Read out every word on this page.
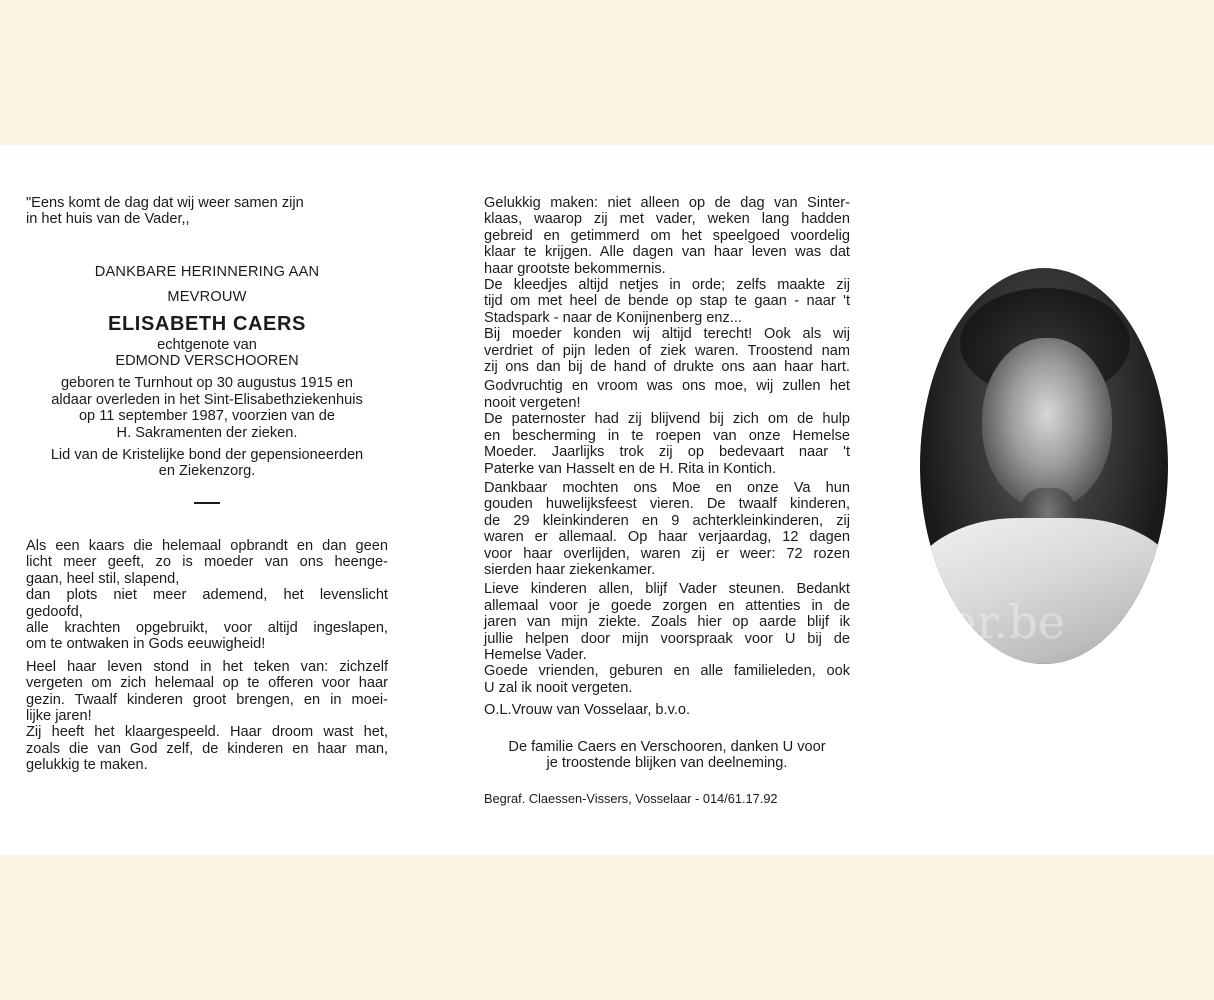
"Eens komt de dag dat wij weer samen zijn
in het huis van de Vader,,
DANKBARE HERINNERING AAN
MEVROUW
ELISABETH CAERS
echtgenote van
EDMOND VERSCHOOREN
geboren te Turnhout op 30 augustus 1915 en
aldaar overleden in het Sint-Elisabethziekenhuis
op 11 september 1987, voorzien van de
H. Sakramenten der zieken.
Lid van de Kristelijke bond der gepensioneerden
en Ziekenzorg.
Als een kaars die helemaal opbrandt en dan geen
licht meer geeft, zo is moeder van ons heenge-
gaan, heel stil, slapend,
dan plots niet meer ademend, het levenslicht
gedoofd,
alle krachten opgebruikt, voor altijd ingeslapen,
om te ontwaken in Gods eeuwigheid!
Heel haar leven stond in het teken van: zichzelf
vergeten om zich helemaal op te offeren voor haar
gezin. Twaalf kinderen groot brengen, en in moei-
lijke jaren!
Zij heeft het klaargespeeld. Haar droom wast het,
zoals die van God zelf, de kinderen en haar man,
gelukkig te maken.
Gelukkig maken: niet alleen op de dag van Sinter-
klaas, waarop zij met vader, weken lang hadden
gebreid en getimmerd om het speelgoed voordelig
klaar te krijgen. Alle dagen van haar leven was dat
haar grootste bekommernis.
De kleedjes altijd netjes in orde; zelfs maakte zij
tijd om met heel de bende op stap te gaan - naar 't
Stadspark - naar de Konijnenberg enz...
Bij moeder konden wij altijd terecht! Ook als wij
verdriet of pijn leden of ziek waren. Troostend nam
zij ons dan bij de hand of drukte ons aan haar hart.
Godvruchtig en vroom was ons moe, wij zullen het
nooit vergeten!
De paternoster had zij blijvend bij zich om de hulp
en bescherming in te roepen van onze Hemelse
Moeder. Jaarlijks trok zij op bedevaart naar 't
Paterke van Hasselt en de H. Rita in Kontich.
Dankbaar mochten ons Moe en onze Va hun
gouden huwelijksfeest vieren. De twaalf kinderen,
de 29 kleinkinderen en 9 achterkleinkinderen, zij
waren er allemaal. Op haar verjaardag, 12 dagen
voor haar overlijden, waren zij er weer: 72 rozen
sierden haar ziekenkamer.
Lieve kinderen allen, blijf Vader steunen. Bedankt
allemaal voor je goede zorgen en attenties in de
jaren van mijn ziekte. Zoals hier op aarde blijf ik
jullie helpen door mijn voorspraak voor U bij de
Hemelse Vader.
Goede vrienden, geburen en alle familieleden, ook
U zal ik nooit vergeten.
O.L.Vrouw van Vosselaar, b.v.o.
De familie Caers en Verschooren, danken U voor
je troostende blijken van deelneming.
Begraf. Claessen-Vissers, Vosselaar - 014/61.17.92
er.be
